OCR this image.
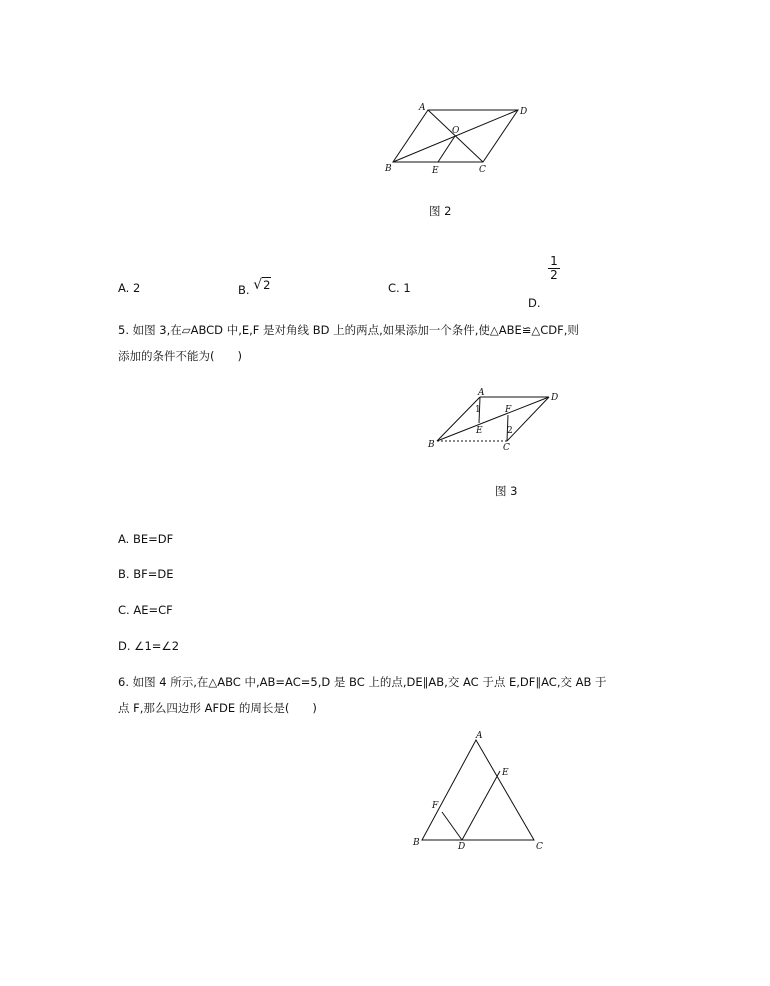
A	D
O
B	E	C
图 2
A. 2	B. √2	C. 1
D.
$\frac{1}{2}$
5. 如图 3,在▱ABCD 中,E,F 是对角线 BD 上的两点,如果添加一个条件,使△ABE≌△CDF,则
添加的条件不能为(　　)
A	D
F
1
E	2
B	C
图 3
A. BE=DF
B. BF=DE
C. AE=CF
D. ∠1=∠2
6. 如图 4 所示,在△ABC 中,AB=AC=5,D 是 BC 上的点,DE∥AB,交 AC 于点 E,DF∥AC,交 AB 于
点 F,那么四边形 AFDE 的周长是(　　)
A
E
F
B	D	C
